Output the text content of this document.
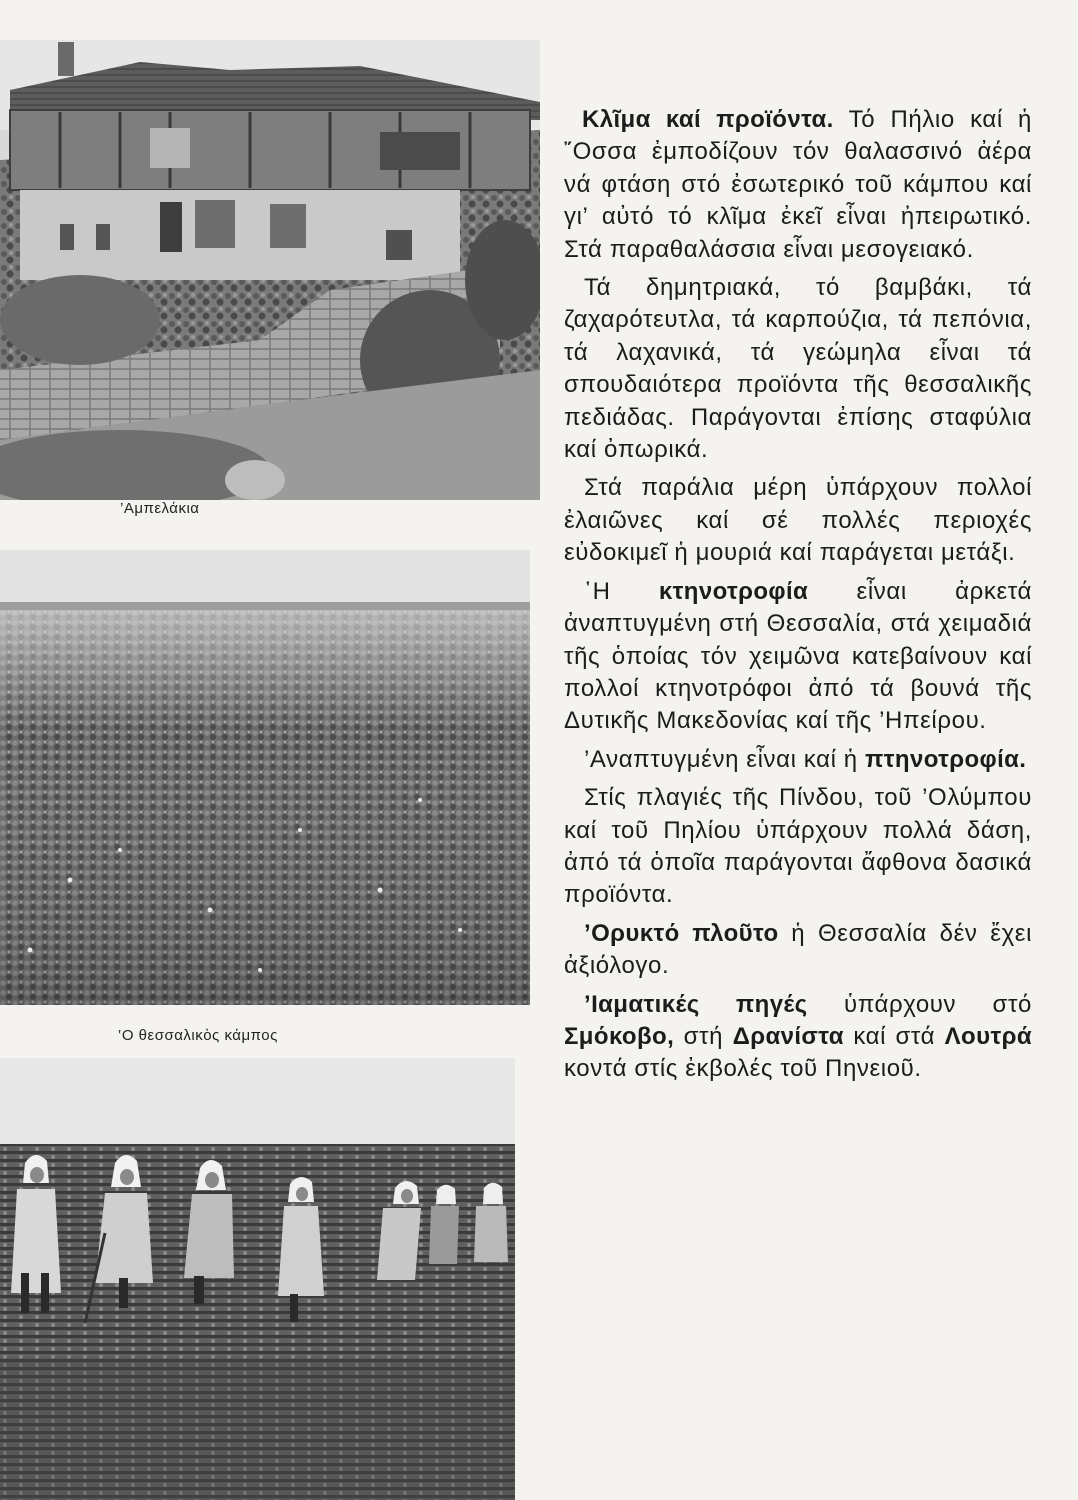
’Αμπελάκια
‛Ο θεσσαλικὸς κάμπος

Κλῖμα καί προϊόντα. Τό Πήλιο καί ἡ ῎Οσσα ἐμποδίζουν τόν θαλασσινό ἀέρα νά φτάση στό ἐσωτερικό τοῦ κάμπου καί γι’ αὐτό τό κλῖμα ἐκεῖ εἶναι ἠπειρωτικό. Στά παραθαλάσσια εἶναι μεσογειακό.

Τά δημητριακά, τό βαμβάκι, τά ζαχαρότευτλα, τά καρπούζια, τά πεπόνια, τά λαχανικά, τά γεώμηλα εἶναι τά σπουδαιότερα προϊόντα τῆς θεσσαλικῆς πεδιάδας. Παράγονται ἐπίσης σταφύλια καί ὀπωρικά.

Στά παράλια μέρη ὑπάρχουν πολλοί ἐλαιῶνες καί σέ πολλές περιοχές εὐδοκιμεῖ ἡ μουριά καί παράγεται μετάξι.

῾Η κτηνοτροφία εἶναι ἀρκετά ἀναπτυγμένη στή Θεσσαλία, στά χειμαδιά τῆς ὁποίας τόν χειμῶνα κατεβαίνουν καί πολλοί κτηνοτρόφοι ἀπό τά βουνά τῆς Δυτικῆς Μακεδονίας καί τῆς ’Ηπείρου.

’Αναπτυγμένη εἶναι καί ἡ πτηνοτροφία.

Στίς πλαγιές τῆς Πίνδου, τοῦ ’Ολύμπου καί τοῦ Πηλίου ὑπάρχουν πολλά δάση, ἀπό τά ὁποῖα παράγονται ἄφθονα δασικά προϊόντα.

’Ορυκτό πλοῦτο ἡ Θεσσαλία δέν ἔχει ἀξιόλογο.

’Ιαματικές πηγές ὑπάρχουν στό Σμόκοβο, στή Δρανίστα καί στά Λουτρά κοντά στίς ἐκβολές τοῦ Πηνειοῦ.
